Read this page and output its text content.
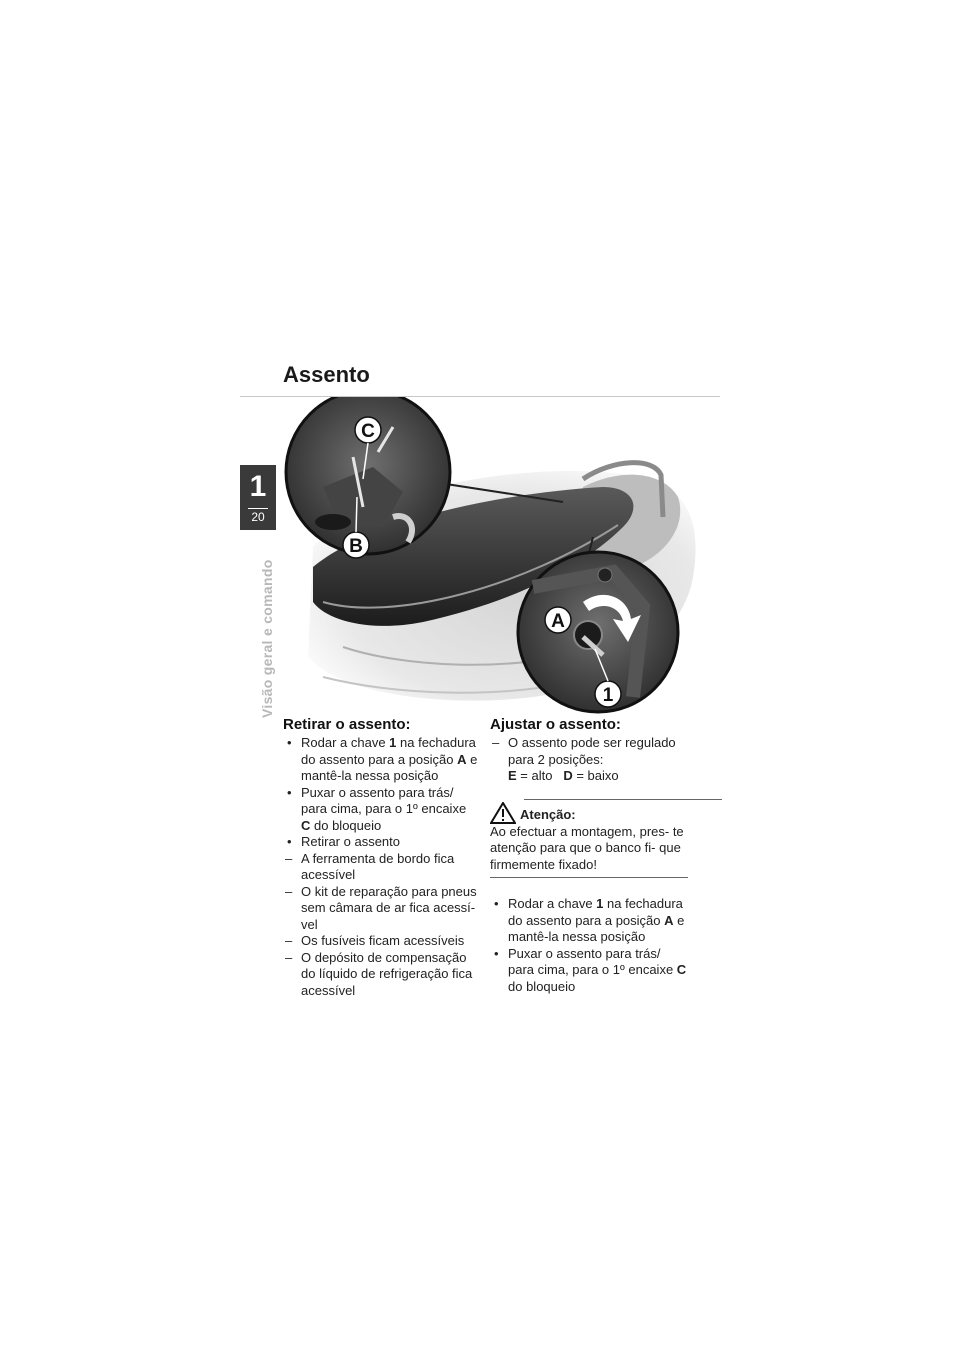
Assento
1
20
Visão geral e comando
C
B
A
1
Retirar o assento:
• Rodar a chave 1 na fechadura do assento para a posição A e mantê-la nessa posição
• Puxar o assento para trás/ para cima, para o 1º encaixe C do bloqueio
• Retirar o assento
– A ferramenta de bordo fica acessível
– O kit de reparação para pneus sem câmara de ar fica acessí- vel
– Os fusíveis ficam acessíveis
– O depósito de compensação do líquido de refrigeração fica acessível
Ajustar o assento:
– O assento pode ser regulado para 2 posições:
E = alto D = baixo
Atenção:
Ao efectuar a montagem, pres- te atenção para que o banco fi- que firmemente fixado!
• Rodar a chave 1 na fechadura do assento para a posição A e mantê-la nessa posição
• Puxar o assento para trás/ para cima, para o 1º encaixe C do bloqueio
